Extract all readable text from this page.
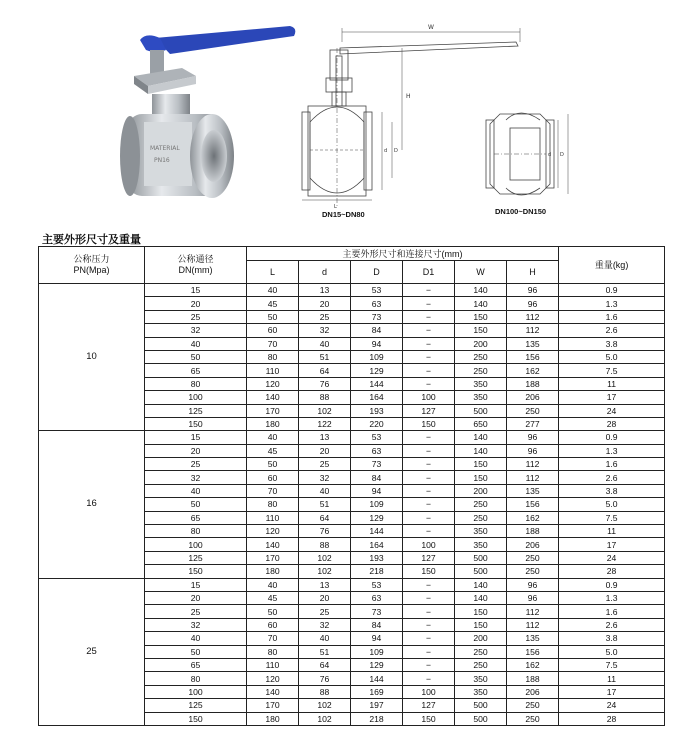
MATERIAL
PN16
W
H
d D
L
DN15~DN80
d D
DN100~DN150
主要外形尺寸及重量
公称压力
PN(Mpa)	公称通径
DN(mm)	主要外形尺寸和连接尺寸(mm)						重量(kg)
		L	d	D	D1	W	H	
10	15	40	13	53	−	140	96	0.9
	20	45	20	63	−	140	96	1.3
	25	50	25	73	−	150	112	1.6
	32	60	32	84	−	150	112	2.6
	40	70	40	94	−	200	135	3.8
	50	80	51	109	−	250	156	5.0
	65	110	64	129	−	250	162	7.5
	80	120	76	144	−	350	188	11
	100	140	88	164	100	350	206	17
	125	170	102	193	127	500	250	24
	150	180	122	220	150	650	277	28
16	15	40	13	53	−	140	96	0.9
	20	45	20	63	−	140	96	1.3
	25	50	25	73	−	150	112	1.6
	32	60	32	84	−	150	112	2.6
	40	70	40	94	−	200	135	3.8
	50	80	51	109	−	250	156	5.0
	65	110	64	129	−	250	162	7.5
	80	120	76	144	−	350	188	11
	100	140	88	164	100	350	206	17
	125	170	102	193	127	500	250	24
	150	180	102	218	150	500	250	28
25	15	40	13	53	−	140	96	0.9
	20	45	20	63	−	140	96	1.3
	25	50	25	73	−	150	112	1.6
	32	60	32	84	−	150	112	2.6
	40	70	40	94	−	200	135	3.8
	50	80	51	109	−	250	156	5.0
	65	110	64	129	−	250	162	7.5
	80	120	76	144	−	350	188	11
	100	140	88	169	100	350	206	17
	125	170	102	197	127	500	250	24
	150	180	102	218	150	500	250	28
